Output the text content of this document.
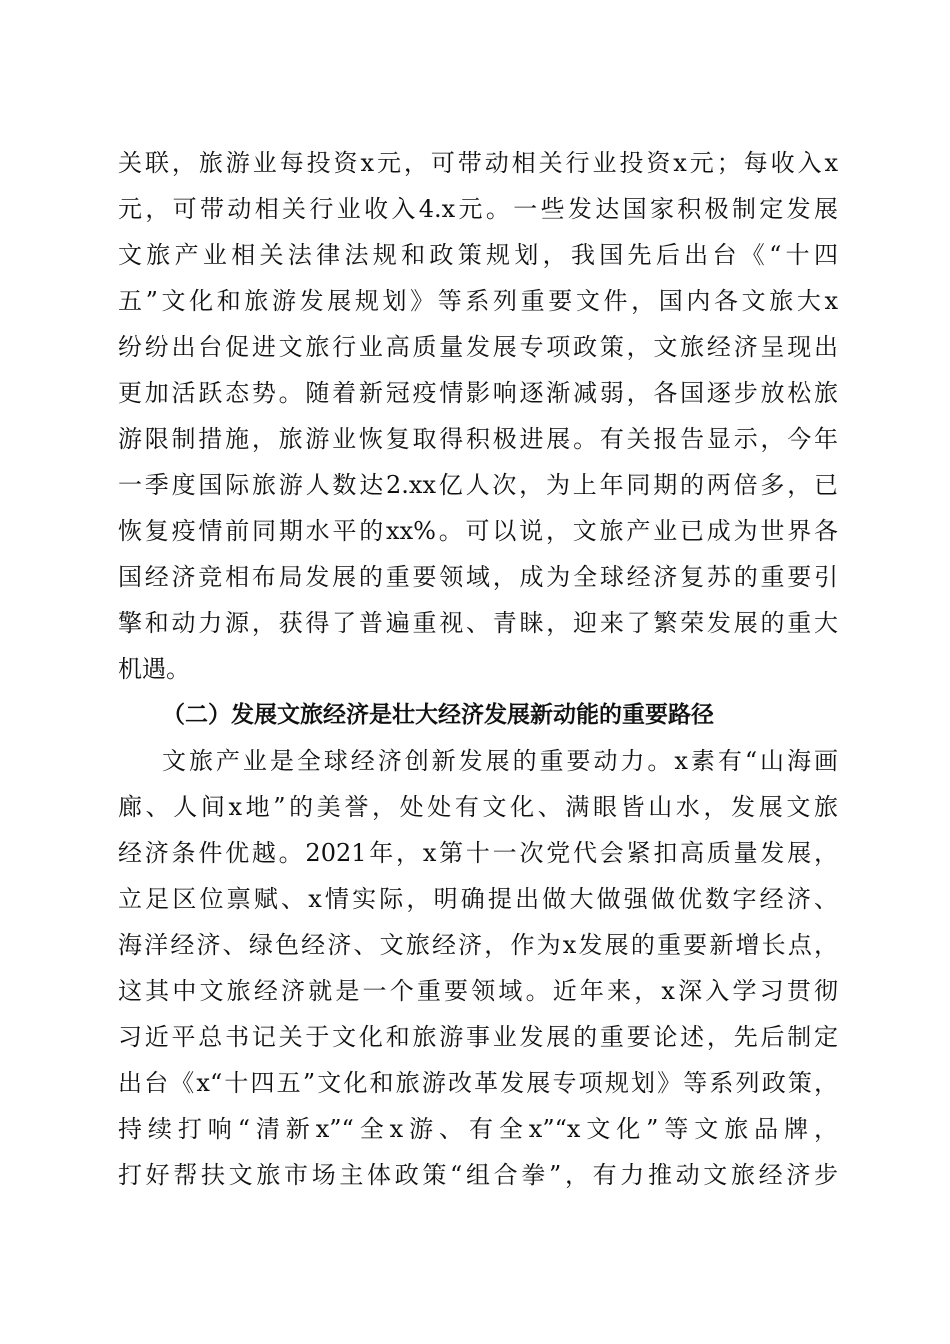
关联，旅游业每投资x元，可带动相关行业投资x元；每收入x
元，可带动相关行业收入4.x元。一些发达国家积极制定发展
文旅产业相关法律法规和政策规划，我国先后出台《“十四
五”文化和旅游发展规划》等系列重要文件，国内各文旅大x
纷纷出台促进文旅行业高质量发展专项政策，文旅经济呈现出
更加活跃态势。随着新冠疫情影响逐渐减弱，各国逐步放松旅
游限制措施，旅游业恢复取得积极进展。有关报告显示，今年
一季度国际旅游人数达2.xx亿人次，为上年同期的两倍多，已
恢复疫情前同期水平的xx%。可以说，文旅产业已成为世界各
国经济竞相布局发展的重要领域，成为全球经济复苏的重要引
擎和动力源，获得了普遍重视、青睐，迎来了繁荣发展的重大
机遇。
（二）发展文旅经济是壮大经济发展新动能的重要路径
文旅产业是全球经济创新发展的重要动力。x素有“山海画
廊、人间x地”的美誉，处处有文化、满眼皆山水，发展文旅
经济条件优越。2021年，x第十一次党代会紧扣高质量发展，
立足区位禀赋、x情实际，明确提出做大做强做优数字经济、
海洋经济、绿色经济、文旅经济，作为x发展的重要新增长点，
这其中文旅经济就是一个重要领域。近年来，x深入学习贯彻
习近平总书记关于文化和旅游事业发展的重要论述，先后制定
出台《x“十四五”文化和旅游改革发展专项规划》等系列政策，
持续打响“清新x”“全x游、有全x”“x文化”等文旅品牌，
打好帮扶文旅市场主体政策“组合拳”，有力推动文旅经济步
